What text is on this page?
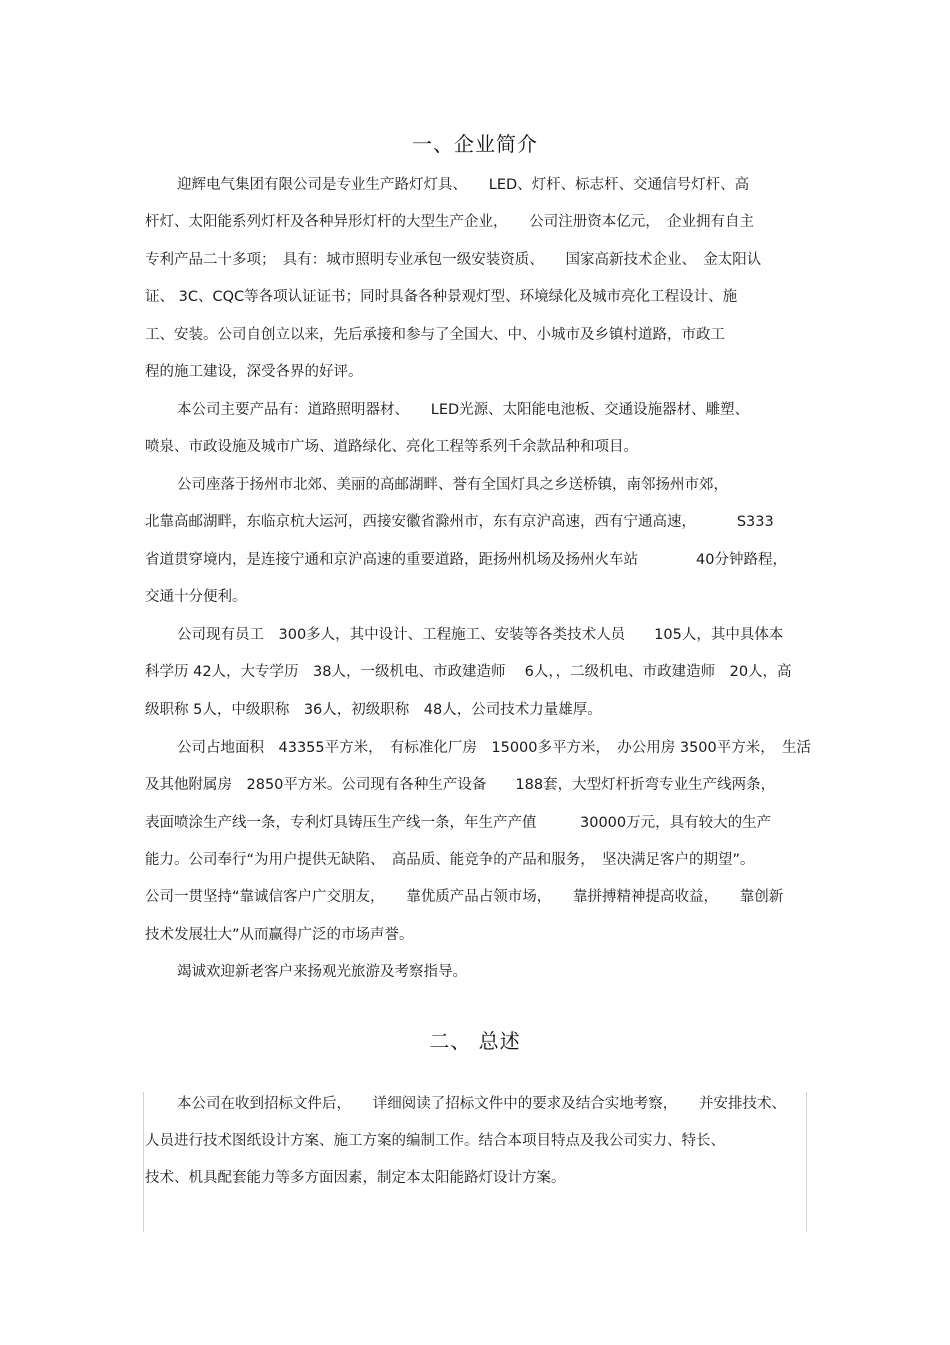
一、企业简介
迎辉电气集团有限公司是专业生产路灯灯具、　　LED、灯杆、标志杆、交通信号灯杆、高
杆灯、太阳能系列灯杆及各种异形灯杆的大型生产企业，　　公司注册资本亿元，　企业拥有自主
专利产品二十多项；　具有：城市照明专业承包一级安装资质、　　国家高新技术企业、　金太阳认
证、 3C、CQC等各项认证证书；同时具备各种景观灯型、环境绿化及城市亮化工程设计、施
工、安装。公司自创立以来，先后承接和参与了全国大、中、小城市及乡镇村道路，市政工
程的施工建设，深受各界的好评。
本公司主要产品有：道路照明器材、　　LED光源、太阳能电池板、交通设施器材、雕塑、
喷泉、市政设施及城市广场、道路绿化、亮化工程等系列千余款品种和项目。
公司座落于扬州市北郊、美丽的高邮湖畔、誉有全国灯具之乡送桥镇，南邻扬州市郊，
北靠高邮湖畔，东临京杭大运河，西接安徽省滁州市，东有京沪高速，西有宁通高速，　　　 S333
省道贯穿境内，是连接宁通和京沪高速的重要道路，距扬州机场及扬州火车站　　　　40分钟路程，
交通十分便利。
公司现有员工　300多人，其中设计、工程施工、安装等各类技术人员　　105人，其中具体本
科学历 42人，大专学历　38人，一级机电、市政建造师　 6人，，二级机电、市政建造师　20人，高
级职称 5人，中级职称　36人，初级职称　48人，公司技术力量雄厚。
公司占地面积　43355平方米，　有标准化厂房　15000多平方米，　办公用房 3500平方米，　生活
及其他附属房　2850平方米。公司现有各种生产设备　　188套，大型灯杆折弯专业生产线两条，
表面喷涂生产线一条，专利灯具铸压生产线一条，年生产产值　　　30000万元，具有较大的生产
能力。公司奉行“为用户提供无缺陷、　高品质、能竞争的产品和服务，　坚决满足客户的期望”。
公司一贯坚持“靠诚信客户广交朋友，　　靠优质产品占领市场，　　靠拼搏精神提高收益，　　靠创新
技术发展壮大”从而赢得广泛的市场声誉。
竭诚欢迎新老客户来扬观光旅游及考察指导。
二、 总述
本公司在收到招标文件后，　　详细阅读了招标文件中的要求及结合实地考察，　　并安排技术、
人员进行技术图纸设计方案、施工方案的编制工作。结合本项目特点及我公司实力、特长、
技术、机具配套能力等多方面因素，制定本太阳能路灯设计方案。
